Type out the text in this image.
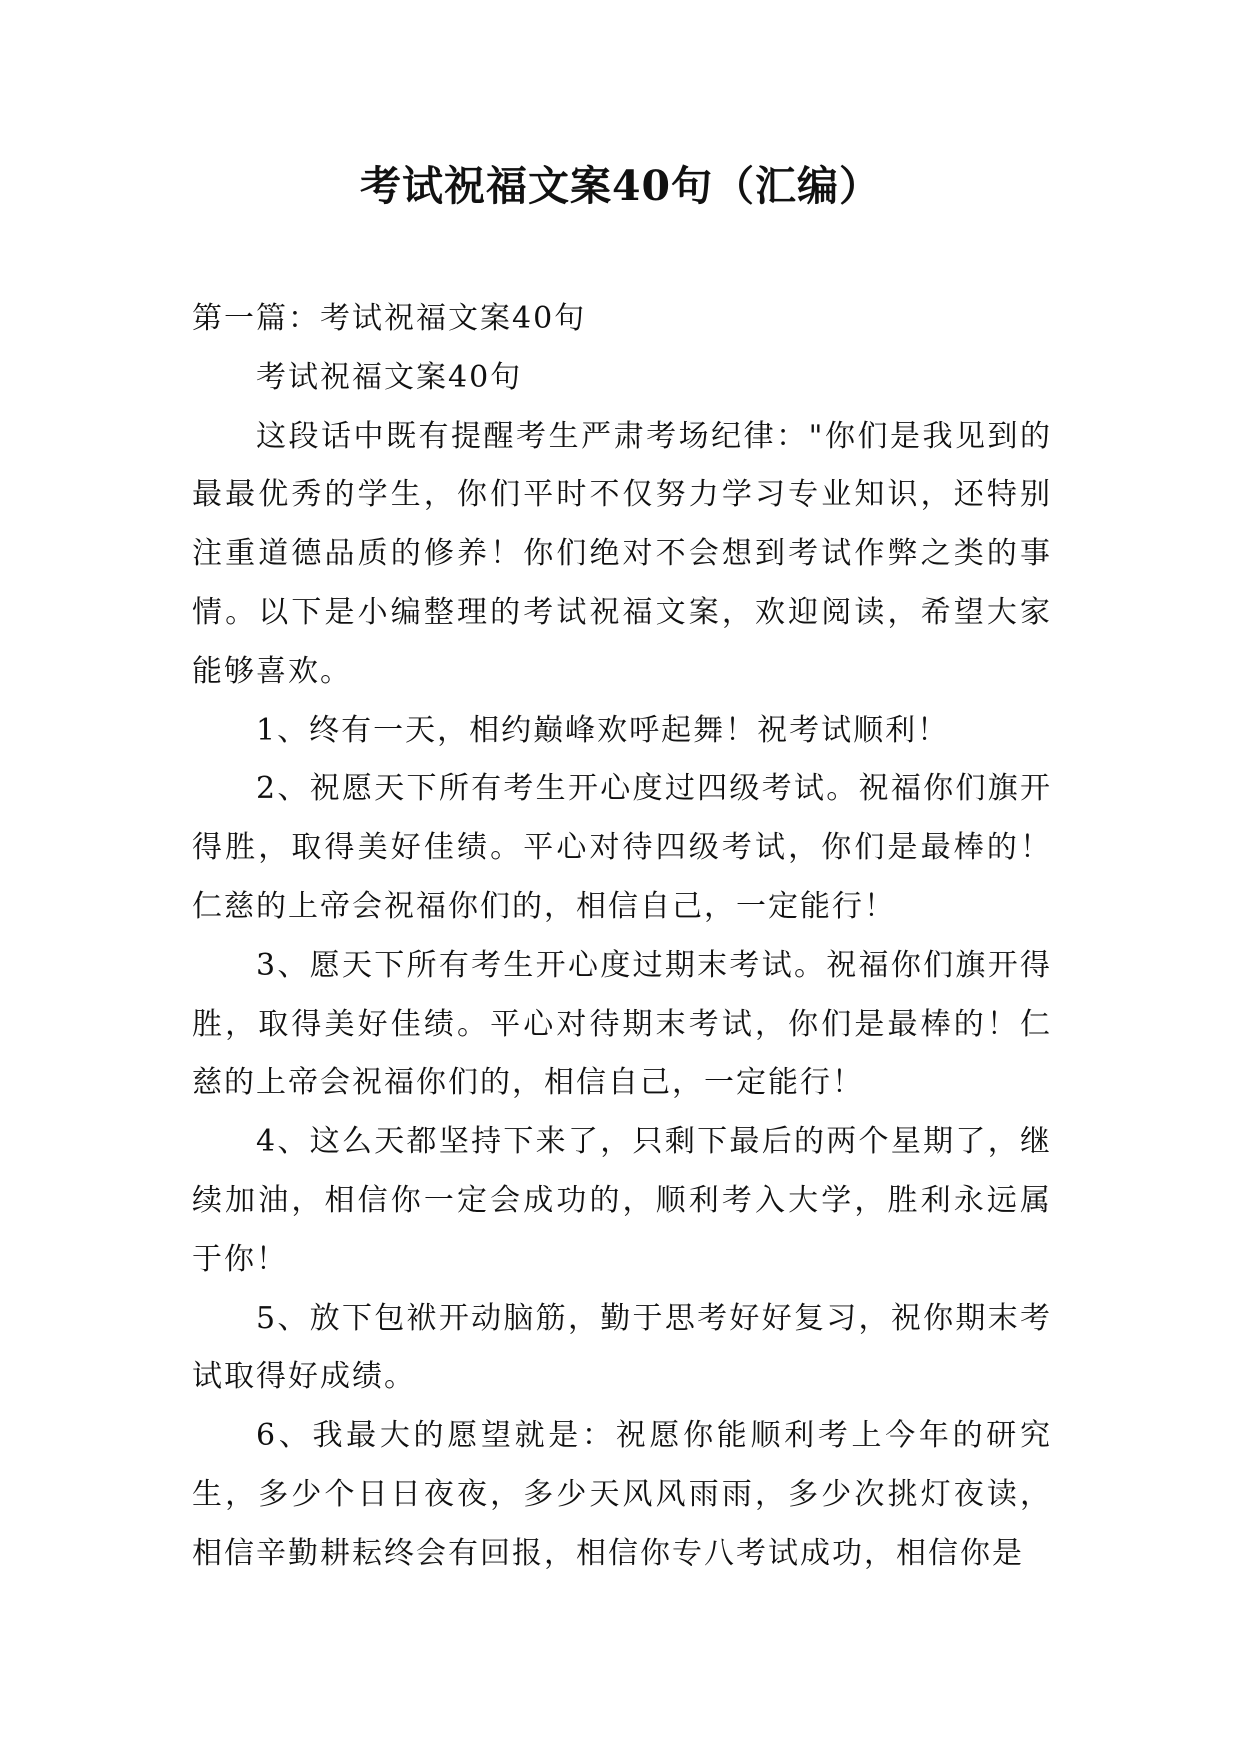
考试祝福文案40句（汇编）

第一篇：考试祝福文案40句

考试祝福文案40句

这段话中既有提醒考生严肃考场纪律："你们是我见到的最最优秀的学生，你们平时不仅努力学习专业知识，还特别注重道德品质的修养！你们绝对不会想到考试作弊之类的事情。以下是小编整理的考试祝福文案，欢迎阅读，希望大家能够喜欢。

1、终有一天，相约巅峰欢呼起舞！祝考试顺利！

2、祝愿天下所有考生开心度过四级考试。祝福你们旗开得胜，取得美好佳绩。平心对待四级考试，你们是最棒的！仁慈的上帝会祝福你们的，相信自己，一定能行！

3、愿天下所有考生开心度过期末考试。祝福你们旗开得胜，取得美好佳绩。平心对待期末考试，你们是最棒的！仁慈的上帝会祝福你们的，相信自己，一定能行！

4、这么天都坚持下来了，只剩下最后的两个星期了，继续加油，相信你一定会成功的，顺利考入大学，胜利永远属于你！

5、放下包袱开动脑筋，勤于思考好好复习，祝你期末考试取得好成绩。

6、我最大的愿望就是：祝愿你能顺利考上今年的研究生，多少个日日夜夜，多少天风风雨雨，多少次挑灯夜读，相信辛勤耕耘终会有回报，相信你专八考试成功，相信你是
